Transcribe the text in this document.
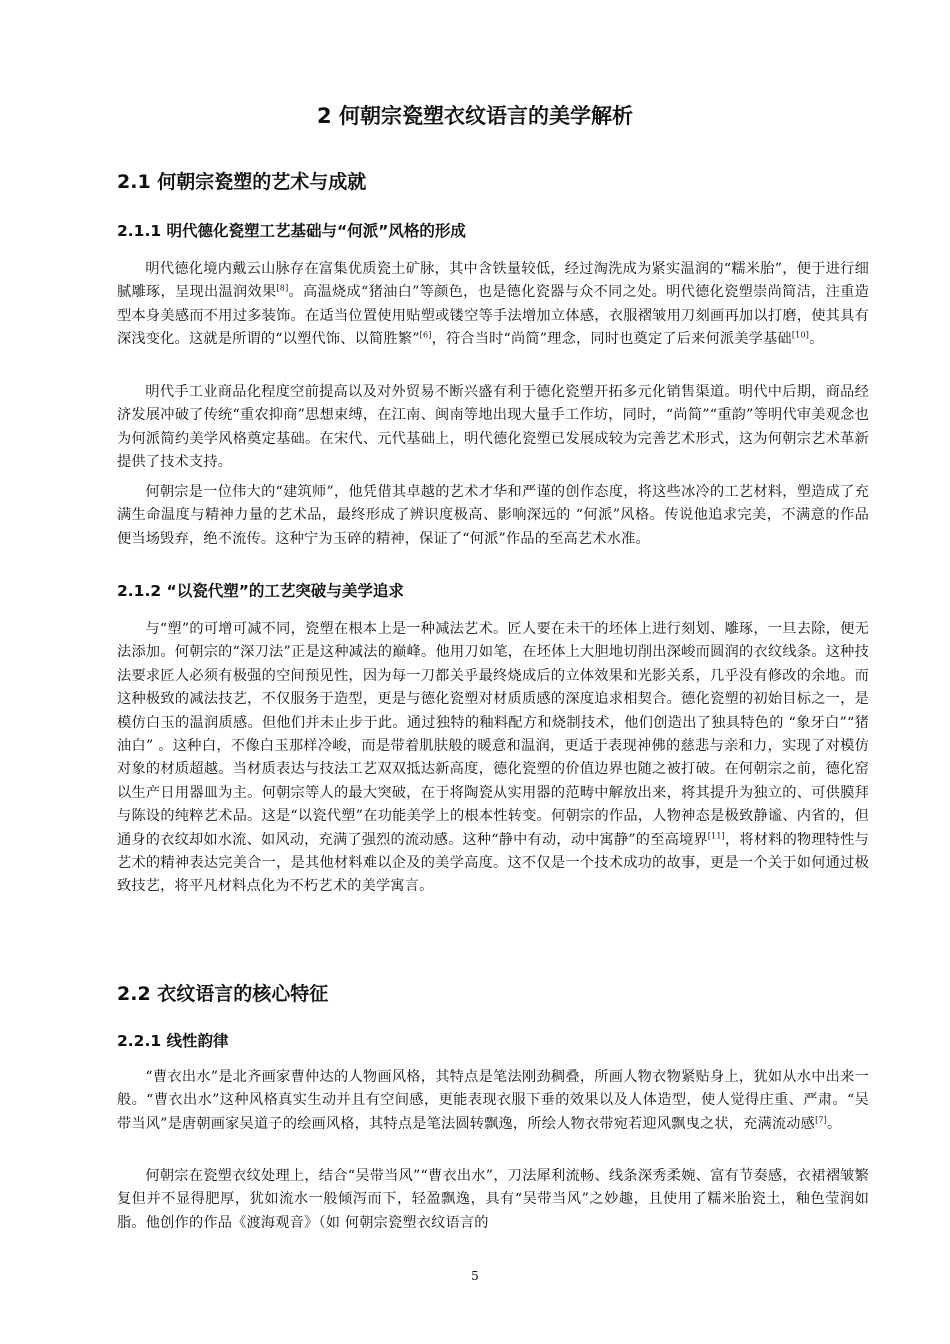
2 何朝宗瓷塑衣纹语言的美学解析
2.1 何朝宗瓷塑的艺术与成就
2.1.1 明代德化瓷塑工艺基础与“何派”风格的形成

明代德化境内戴云山脉存在富集优质瓷土矿脉，其中含铁量较低，经过淘洗成为紧实温润的“糯米胎”，便于进行细腻雕琢，呈现出温润效果[8]。高温烧成“猪油白”等颜色，也是德化瓷器与众不同之处。明代德化瓷塑崇尚简洁，注重造型本身美感而不用过多装饰。在适当位置使用贴塑或镂空等手法增加立体感，衣服褶皱用刀刻画再加以打磨，使其具有深浅变化。这就是所谓的“以塑代饰、以简胜繁”[6]，符合当时“尚简”理念，同时也奠定了后来何派美学基础[10]。

明代手工业商品化程度空前提高以及对外贸易不断兴盛有利于德化瓷塑开拓多元化销售渠道。明代中后期，商品经济发展冲破了传统“重农抑商”思想束缚，在江南、闽南等地出现大量手工作坊，同时，“尚简”“重韵”等明代审美观念也为何派简约美学风格奠定基础。在宋代、元代基础上，明代德化瓷塑已发展成较为完善艺术形式，这为何朝宗艺术革新提供了技术支持。

何朝宗是一位伟大的“建筑师”，他凭借其卓越的艺术才华和严谨的创作态度，将这些冰冷的工艺材料，塑造成了充满生命温度与精神力量的艺术品，最终形成了辨识度极高、影响深远的 “何派”风格。传说他追求完美，不满意的作品便当场毁弃，绝不流传。这种宁为玉碎的精神，保证了“何派”作品的至高艺术水准。

2.1.2 “以瓷代塑”的工艺突破与美学追求

与“塑”的可增可减不同，瓷塑在根本上是一种减法艺术。匠人要在未干的坯体上进行刻划、雕琢，一旦去除，便无法添加。何朝宗的“深刀法”正是这种减法的巅峰。他用刀如笔，在坯体上大胆地切削出深峻而圆润的衣纹线条。这种技法要求匠人必须有极强的空间预见性，因为每一刀都关乎最终烧成后的立体效果和光影关系，几乎没有修改的余地。而这种极致的减法技艺，不仅服务于造型，更是与德化瓷塑对材质质感的深度追求相契合。德化瓷塑的初始目标之一，是模仿白玉的温润质感。但他们并未止步于此。通过独特的釉料配方和烧制技术，他们创造出了独具特色的 “象牙白”“猪油白” 。这种白，不像白玉那样冷峻，而是带着肌肤般的暖意和温润，更适于表现神佛的慈悲与亲和力，实现了对模仿对象的材质超越。当材质表达与技法工艺双双抵达新高度，德化瓷塑的价值边界也随之被打破。在何朝宗之前，德化窑以生产日用器皿为主。何朝宗等人的最大突破，在于将陶瓷从实用器的范畴中解放出来，将其提升为独立的、可供膜拜与陈设的纯粹艺术品。这是“以瓷代塑”在功能美学上的根本性转变。何朝宗的作品，人物神态是极致静谧、内省的，但通身的衣纹却如水流、如风动，充满了强烈的流动感。这种“静中有动，动中寓静”的至高境界[11]，将材料的物理特性与艺术的精神表达完美合一，是其他材料难以企及的美学高度。这不仅是一个技术成功的故事，更是一个关于如何通过极致技艺，将平凡材料点化为不朽艺术的美学寓言。

2.2 衣纹语言的核心特征
2.2.1 线性韵律

“曹衣出水”是北齐画家曹仲达的人物画风格，其特点是笔法刚劲稠叠，所画人物衣物紧贴身上，犹如从水中出来一般。“曹衣出水”这种风格真实生动并且有空间感，更能表现衣服下垂的效果以及人体造型，使人觉得庄重、严肃。“吴带当风”是唐朝画家吴道子的绘画风格，其特点是笔法圆转飘逸，所绘人物衣带宛若迎风飘曳之状，充满流动感[7]。

何朝宗在瓷塑衣纹处理上，结合“吴带当风”“曹衣出水”，刀法犀利流畅、线条深秀柔婉、富有节奏感，衣裙褶皱繁复但并不显得肥厚，犹如流水一般倾泻而下，轻盈飘逸，具有“吴带当风”之妙趣，且使用了糯米胎瓷土，釉色莹润如脂。他创作的作品《渡海观音》（如 何朝宗瓷塑衣纹语言的

5
